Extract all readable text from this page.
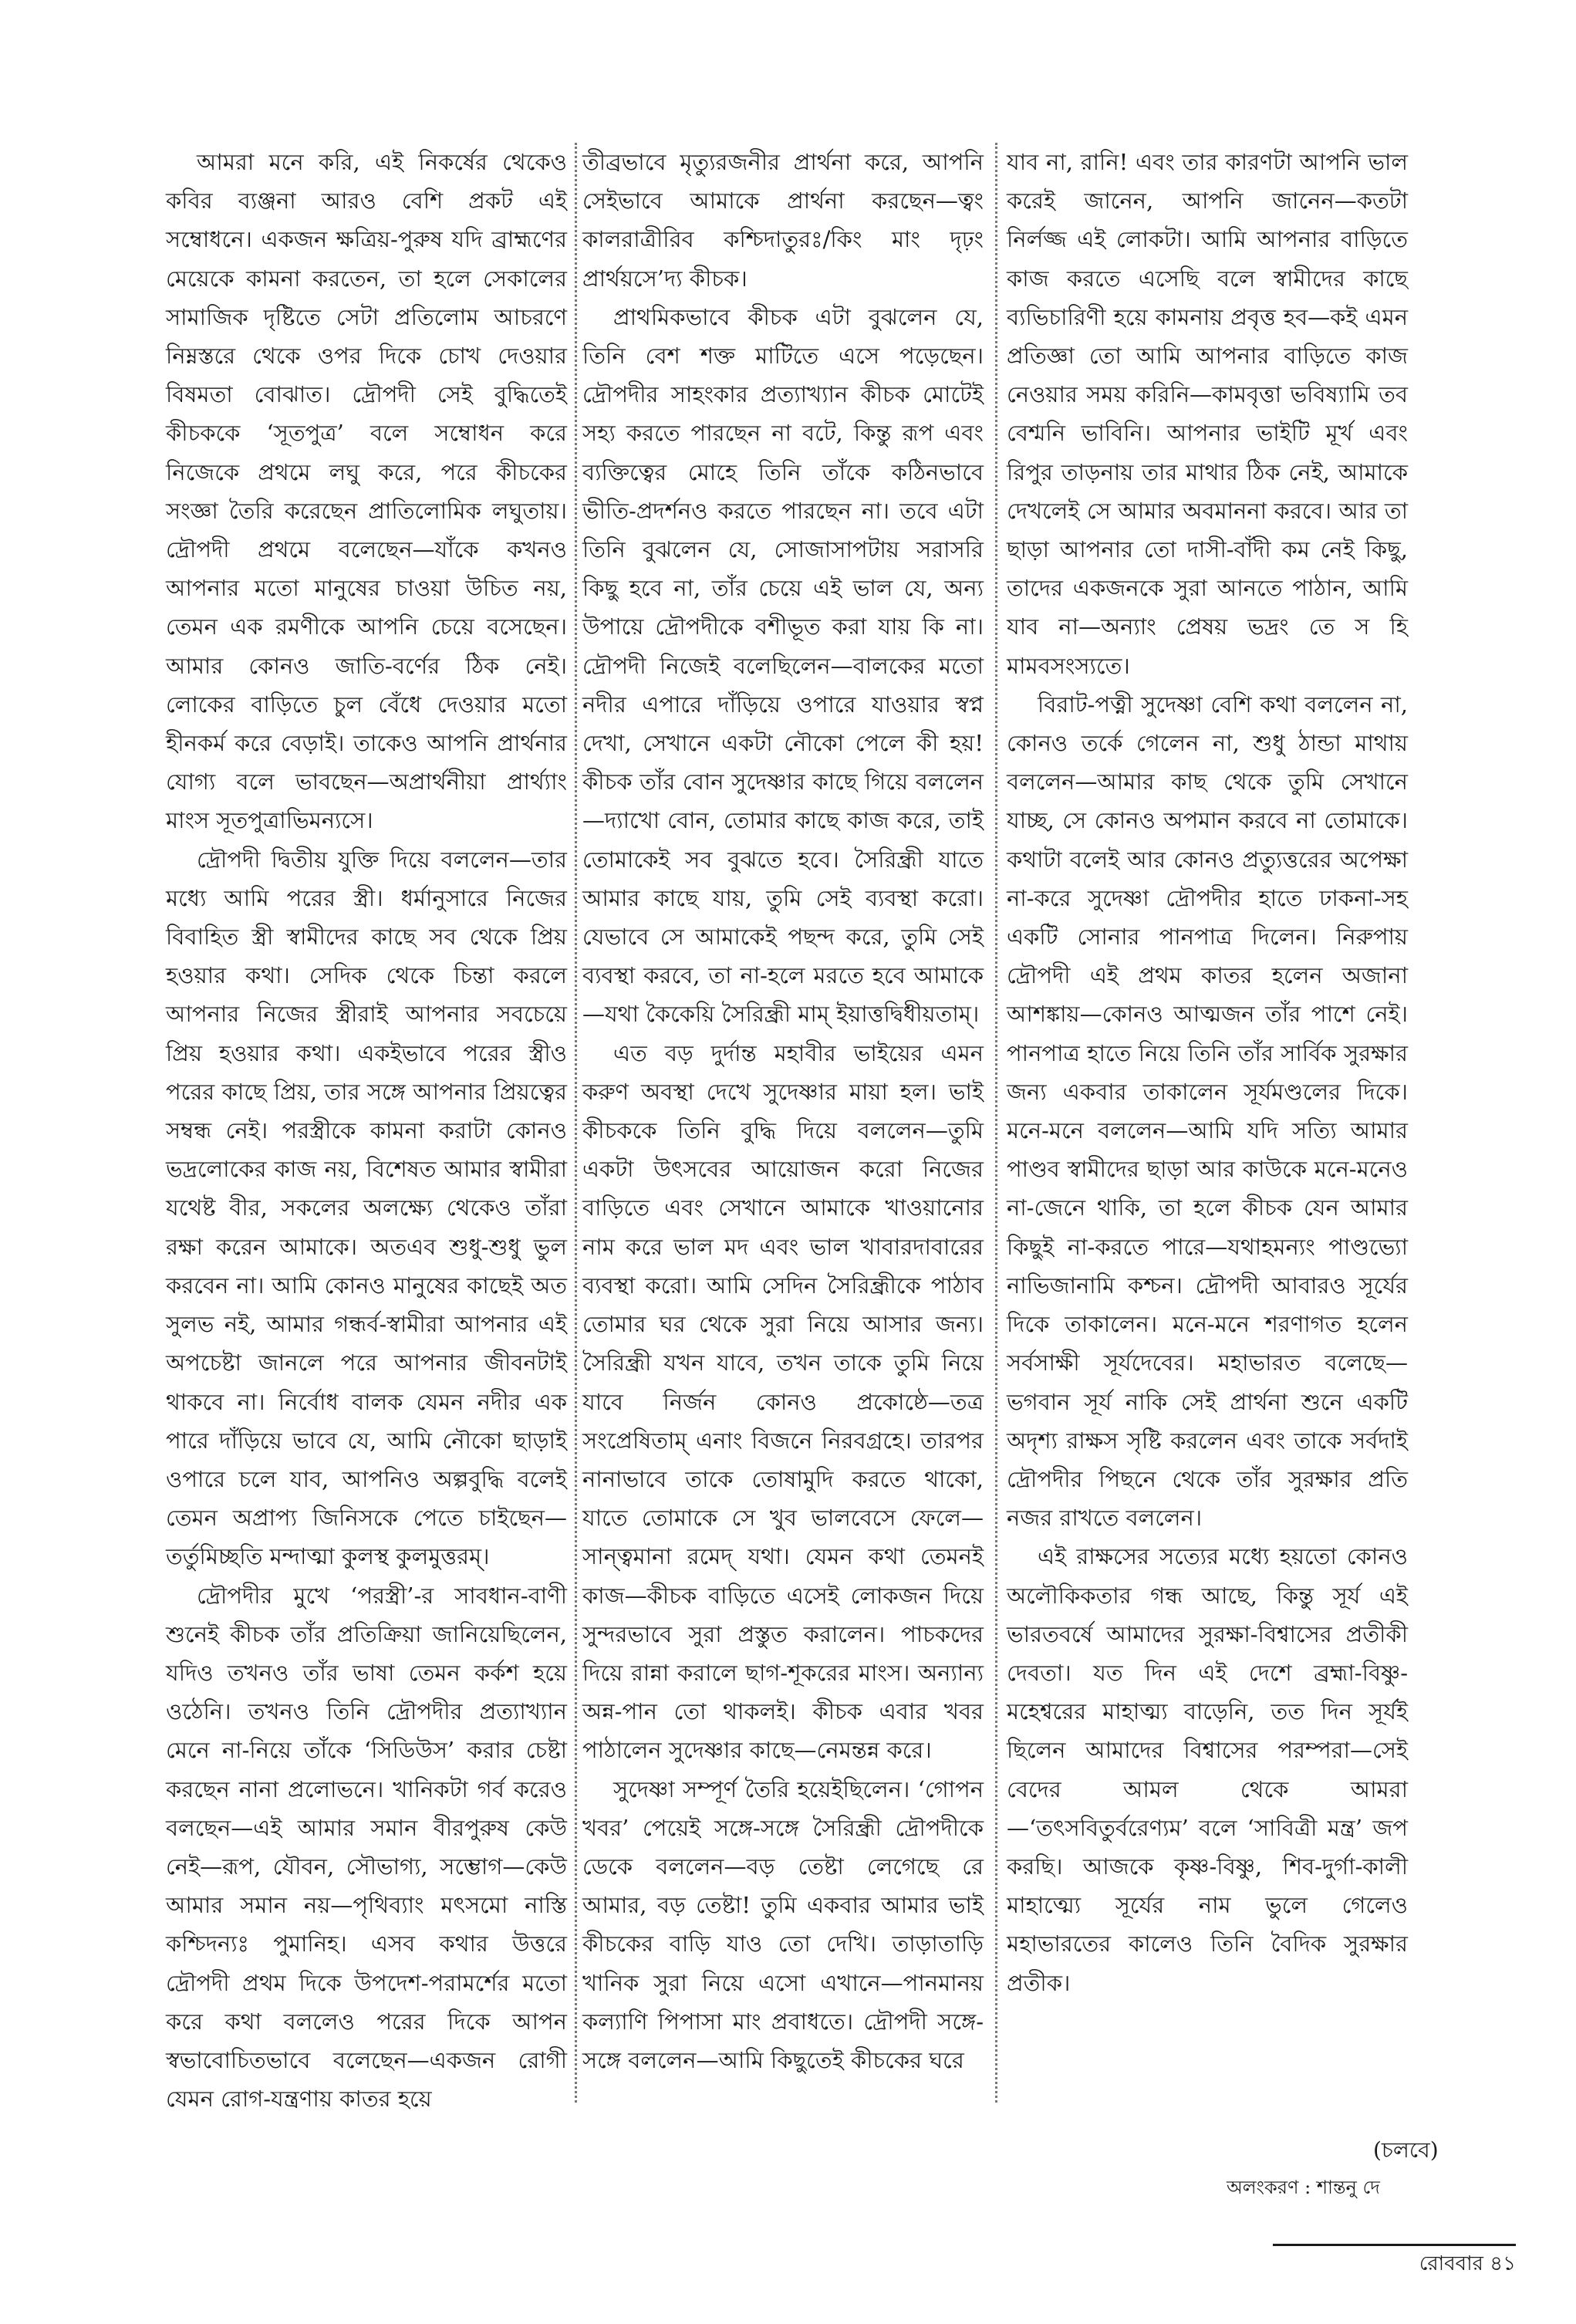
আমরা মনে করি, এই নিকর্ষের থেকেও কবির ব্যঞ্জনা আরও বেশি প্রকট এই সম্বোধনে। একজন ক্ষত্রিয়-পুরুষ যদি ব্রাহ্মণের মেয়েকে কামনা করতেন, তা হলে সেকালের সামাজিক দৃষ্টিতে সেটা প্রতিলোম আচরণে নিম্নস্তরে থেকে ওপর দিকে চোখ দেওয়ার বিষমতা বোঝাত। দ্রৌপদী সেই বুদ্ধিতেই কীচককে ‘সূতপুত্র’ বলে সম্বোধন করে নিজেকে প্রথমে লঘু করে, পরে কীচকের সংজ্ঞা তৈরি করেছেন প্রাতিলোমিক লঘুতায়। দ্রৌপদী প্রথমে বলেছেন—যাঁকে কখনও আপনার মতো মানুষের চাওয়া উচিত নয়, তেমন এক রমণীকে আপনি চেয়ে বসেছেন। আমার কোনও জাতি-বর্ণের ঠিক নেই। লোকের বাড়িতে চুল বেঁধে দেওয়ার মতো হীনকর্ম করে বেড়াই। তাকেও আপনি প্রার্থনার যোগ্য বলে ভাবছেন—অপ্রার্থনীয়া প্রার্থ্যাং মাংস সূতপুত্রাভিমন্যসে।

দ্রৌপদী দ্বিতীয় যুক্তি দিয়ে বললেন—তার মধ্যে আমি পরের স্ত্রী। ধর্মানুসারে নিজের বিবাহিত স্ত্রী স্বামীদের কাছে সব থেকে প্রিয় হওয়ার কথা। সেদিক থেকে চিন্তা করলে আপনার নিজের স্ত্রীরাই আপনার সবচেয়ে প্রিয় হওয়ার কথা। একইভাবে পরের স্ত্রীও পরের কাছে প্রিয়, তার সঙ্গে আপনার প্রিয়ত্বের সম্বন্ধ নেই। পরস্ত্রীকে কামনা করাটা কোনও ভদ্রলোকের কাজ নয়, বিশেষত আমার স্বামীরা যথেষ্ট বীর, সকলের অলক্ষ্যে থেকেও তাঁরা রক্ষা করেন আমাকে। অতএব শুধু-শুধু ভুল করবেন না। আমি কোনও মানুষের কাছেই অত সুলভ নই, আমার গন্ধর্ব-স্বামীরা আপনার এই অপচেষ্টা জানলে পরে আপনার জীবনটাই থাকবে না। নির্বোধ বালক যেমন নদীর এক পারে দাঁড়িয়ে ভাবে যে, আমি নৌকো ছাড়াই ওপারে চলে যাব, আপনিও অল্পবুদ্ধি বলেই তেমন অপ্রাপ্য জিনিসকে পেতে চাইছেন—তর্তুমিচ্ছতি মন্দাত্মা কুলস্থ কুলমুত্তরম্।

দ্রৌপদীর মুখে ‘পরস্ত্রী’-র সাবধান-বাণী শুনেই কীচক তাঁর প্রতিক্রিয়া জানিয়েছিলেন, যদিও তখনও তাঁর ভাষা তেমন কর্কশ হয়ে ওঠেনি। তখনও তিনি দ্রৌপদীর প্রত্যাখ্যান মেনে না-নিয়ে তাঁকে ‘সিডিউস’ করার চেষ্টা করছেন নানা প্রলোভনে। খানিকটা গর্ব করেও বলছেন—এই আমার সমান বীরপুরুষ কেউ নেই—রূপ, যৌবন, সৌভাগ্য, সম্ভোগ—কেউ আমার সমান নয়—পৃথিব্যাং মৎসমো নাস্তি কশ্চিদন্যঃ পুমানিহ। এসব কথার উত্তরে দ্রৌপদী প্রথম দিকে উপদেশ-পরামর্শের মতো করে কথা বললেও পরের দিকে আপন স্বভাবোচিতভাবে বলেছেন—একজন রোগী যেমন রোগ-যন্ত্রণায় কাতর হয়ে

তীব্রভাবে মৃত্যুরজনীর প্রার্থনা করে, আপনি সেইভাবে আমাকে প্রার্থনা করছেন—ত্বং কালরাত্রীরিব কশ্চিদাতুরঃ/কিং মাং দৃঢ়ং প্রার্থয়সে’দ্য কীচক।

প্রাথমিকভাবে কীচক এটা বুঝলেন যে, তিনি বেশ শক্ত মাটিতে এসে পড়েছেন। দ্রৌপদীর সাহংকার প্রত্যাখ্যান কীচক মোটেই সহ্য করতে পারছেন না বটে, কিন্তু রূপ এবং ব্যক্তিত্বের মোহে তিনি তাঁকে কঠিনভাবে ভীতি-প্রদর্শনও করতে পারছেন না। তবে এটা তিনি বুঝলেন যে, সোজাসাপটায় সরাসরি কিছু হবে না, তাঁর চেয়ে এই ভাল যে, অন্য উপায়ে দ্রৌপদীকে বশীভূত করা যায় কি না। দ্রৌপদী নিজেই বলেছিলেন—বালকের মতো নদীর এপারে দাঁড়িয়ে ওপারে যাওয়ার স্বপ্ন দেখা, সেখানে একটা নৌকো পেলে কী হয়! কীচক তাঁর বোন সুদেষ্ণার কাছে গিয়ে বললেন—দ্যাখো বোন, তোমার কাছে কাজ করে, তাই তোমাকেই সব বুঝতে হবে। সৈরিন্ধ্রী যাতে আমার কাছে যায়, তুমি সেই ব্যবস্থা করো। যেভাবে সে আমাকেই পছন্দ করে, তুমি সেই ব্যবস্থা করবে, তা না-হলে মরতে হবে আমাকে—যথা কৈকেয়ি সৈরিন্ধ্রী মাম্ ইয়াত্তদ্বিধীয়তাম্।

এত বড় দুর্দান্ত মহাবীর ভাইয়ের এমন করুণ অবস্থা দেখে সুদেষ্ণার মায়া হল। ভাই কীচককে তিনি বুদ্ধি দিয়ে বললেন—তুমি একটা উৎসবের আয়োজন করো নিজের বাড়িতে এবং সেখানে আমাকে খাওয়ানোর নাম করে ভাল মদ এবং ভাল খাবারদাবারের ব্যবস্থা করো। আমি সেদিন সৈরিন্ধ্রীকে পাঠাব তোমার ঘর থেকে সুরা নিয়ে আসার জন্য। সৈরিন্ধ্রী যখন যাবে, তখন তাকে তুমি নিয়ে যাবে নির্জন কোনও প্রকোষ্ঠে—তত্র সংপ্রেষিতাম্ এনাং বিজনে নিরবগ্রহে। তারপর নানাভাবে তাকে তোষামুদি করতে থাকো, যাতে তোমাকে সে খুব ভালবেসে ফেলে—সান্ত্বমানা রমেদ্ যথা। যেমন কথা তেমনই কাজ—কীচক বাড়িতে এসেই লোকজন দিয়ে সুন্দরভাবে সুরা প্রস্তুত করালেন। পাচকদের দিয়ে রান্না করালে ছাগ-শূকরের মাংস। অন্যান্য অন্ন-পান তো থাকলই। কীচক এবার খবর পাঠালেন সুদেষ্ণার কাছে—নেমন্তন্ন করে।

সুদেষ্ণা সম্পূর্ণ তৈরি হয়েইছিলেন। ‘গোপন খবর’ পেয়েই সঙ্গে-সঙ্গে সৈরিন্ধ্রী দ্রৌপদীকে ডেকে বললেন—বড় তেষ্টা লেগেছে রে আমার, বড় তেষ্টা! তুমি একবার আমার ভাই কীচকের বাড়ি যাও তো দেখি। তাড়াতাড়ি খানিক সুরা নিয়ে এসো এখানে—পানমানয় কল্যাণি পিপাসা মাং প্রবাধতে। দ্রৌপদী সঙ্গে-সঙ্গে বললেন—আমি কিছুতেই কীচকের ঘরে

যাব না, রানি! এবং তার কারণটা আপনি ভাল করেই জানেন, আপনি জানেন—কতটা নির্লজ্জ এই লোকটা। আমি আপনার বাড়িতে কাজ করতে এসেছি বলে স্বামীদের কাছে ব্যভিচারিণী হয়ে কামনায় প্রবৃত্ত হব—কই এমন প্রতিজ্ঞা তো আমি আপনার বাড়িতে কাজ নেওয়ার সময় করিনি—কামবৃত্তা ভবিষ্যামি তব বেশ্মনি ভাবিনি। আপনার ভাইটি মূর্খ এবং রিপুর তাড়নায় তার মাথার ঠিক নেই, আমাকে দেখলেই সে আমার অবমাননা করবে। আর তা ছাড়া আপনার তো দাসী-বাঁদী কম নেই কিছু, তাদের একজনকে সুরা আনতে পাঠান, আমি যাব না—অন্যাং প্রেষয় ভদ্রং তে স হি মামবসংস্যতে।

বিরাট-পত্নী সুদেষ্ণা বেশি কথা বললেন না, কোনও তর্কে গেলেন না, শুধু ঠান্ডা মাথায় বললেন—আমার কাছ থেকে তুমি সেখানে যাচ্ছ, সে কোনও অপমান করবে না তোমাকে। কথাটা বলেই আর কোনও প্রত্যুত্তরের অপেক্ষা না-করে সুদেষ্ণা দ্রৌপদীর হাতে ঢাকনা-সহ একটি সোনার পানপাত্র দিলেন। নিরুপায় দ্রৌপদী এই প্রথম কাতর হলেন অজানা আশঙ্কায়—কোনও আত্মজন তাঁর পাশে নেই। পানপাত্র হাতে নিয়ে তিনি তাঁর সার্বিক সুরক্ষার জন্য একবার তাকালেন সূর্যমণ্ডলের দিকে। মনে-মনে বললেন—আমি যদি সত্যি আমার পাণ্ডব স্বামীদের ছাড়া আর কাউকে মনে-মনেও না-জেনে থাকি, তা হলে কীচক যেন আমার কিছুই না-করতে পারে—যথাহমন্যং পাণ্ডভ্যো নাভিজানামি কশ্চন। দ্রৌপদী আবারও সূর্যের দিকে তাকালেন। মনে-মনে শরণাগত হলেন সর্বসাক্ষী সূর্যদেবের। মহাভারত বলেছে—ভগবান সূর্য নাকি সেই প্রার্থনা শুনে একটি অদৃশ্য রাক্ষস সৃষ্টি করলেন এবং তাকে সর্বদাই দ্রৌপদীর পিছনে থেকে তাঁর সুরক্ষার প্রতি নজর রাখতে বললেন।

এই রাক্ষসের সত্যের মধ্যে হয়তো কোনও অলৌকিকতার গন্ধ আছে, কিন্তু সূর্য এই ভারতবর্ষে আমাদের সুরক্ষা-বিশ্বাসের প্রতীকী দেবতা। যত দিন এই দেশে ব্রহ্মা-বিষ্ণু-মহেশ্বরের মাহাত্ম্য বাড়েনি, তত দিন সূর্যই ছিলেন আমাদের বিশ্বাসের পরম্পরা—সেই বেদের আমল থেকে আমরা—‘তৎসবিতুর্বরেণ্যম’ বলে ‘সাবিত্রী মন্ত্র’ জপ করছি। আজকে কৃষ্ণ-বিষ্ণু, শিব-দুর্গা-কালী মাহাত্ম্যে সূর্যের নাম ভুলে গেলেও মহাভারতের কালেও তিনি বৈদিক সুরক্ষার প্রতীক।

(চলবে)
অলংকরণ : শান্তনু দে
রোববার ৪১
